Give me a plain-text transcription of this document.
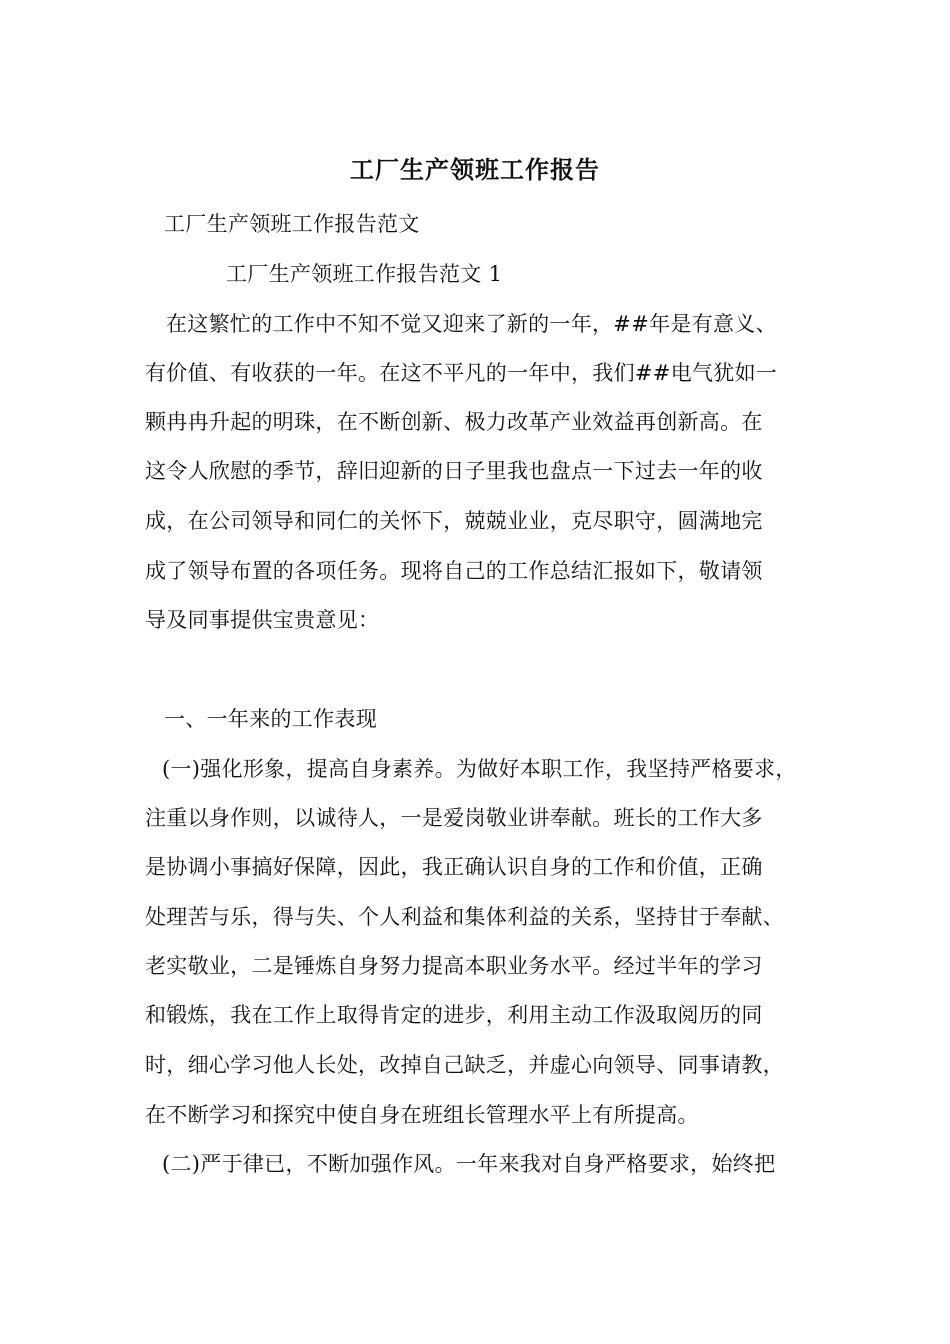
工厂生产领班工作报告
工厂生产领班工作报告范文
工厂生产领班工作报告范文 1
在这繁忙的工作中不知不觉又迎来了新的一年，##年是有意义、
有价值、有收获的一年。在这不平凡的一年中，我们##电气犹如一
颗冉冉升起的明珠，在不断创新、极力改革产业效益再创新高。在
这令人欣慰的季节，辞旧迎新的日子里我也盘点一下过去一年的收
成，在公司领导和同仁的关怀下，兢兢业业，克尽职守，圆满地完
成了领导布置的各项任务。现将自己的工作总结汇报如下，敬请领
导及同事提供宝贵意见：
一、一年来的工作表现
(一)强化形象，提高自身素养。为做好本职工作，我坚持严格要求，
注重以身作则，以诚待人，一是爱岗敬业讲奉献。班长的工作大多
是协调小事搞好保障，因此，我正确认识自身的工作和价值，正确
处理苦与乐，得与失、个人利益和集体利益的关系，坚持甘于奉献、
老实敬业，二是锤炼自身努力提高本职业务水平。经过半年的学习
和锻炼，我在工作上取得肯定的进步，利用主动工作汲取阅历的同
时，细心学习他人长处，改掉自己缺乏，并虚心向领导、同事请教，
在不断学习和探究中使自身在班组长管理水平上有所提高。
(二)严于律已，不断加强作风。一年来我对自身严格要求，始终把
